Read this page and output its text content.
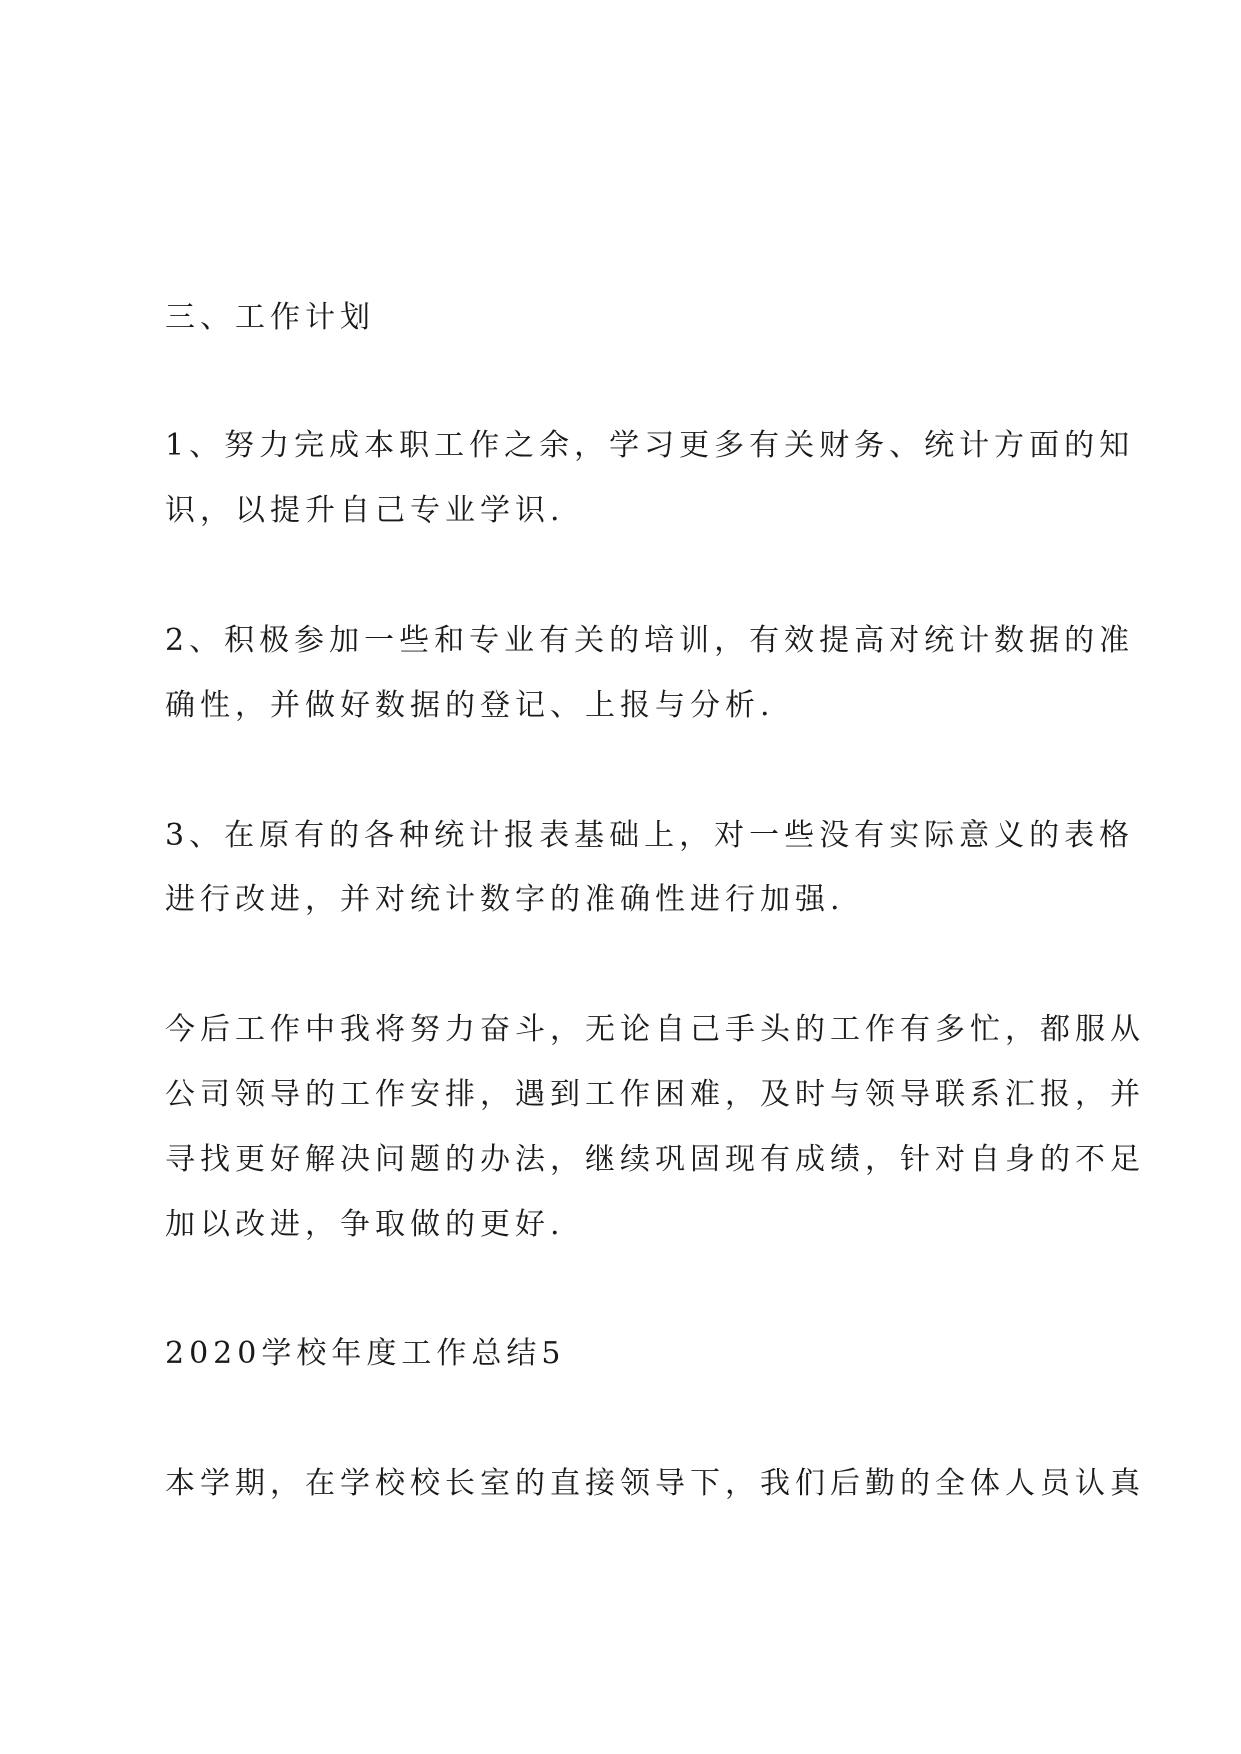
三、工作计划
1、努力完成本职工作之余，学习更多有关财务、统计方面的知
识，以提升自己专业学识.
2、积极参加一些和专业有关的培训，有效提高对统计数据的准
确性，并做好数据的登记、上报与分析.
3、在原有的各种统计报表基础上，对一些没有实际意义的表格
进行改进，并对统计数字的准确性进行加强.
今后工作中我将努力奋斗，无论自己手头的工作有多忙，都服从
公司领导的工作安排，遇到工作困难，及时与领导联系汇报，并
寻找更好解决问题的办法，继续巩固现有成绩，针对自身的不足
加以改进，争取做的更好.
2020学校年度工作总结5
本学期，在学校校长室的直接领导下，我们后勤的全体人员认真
